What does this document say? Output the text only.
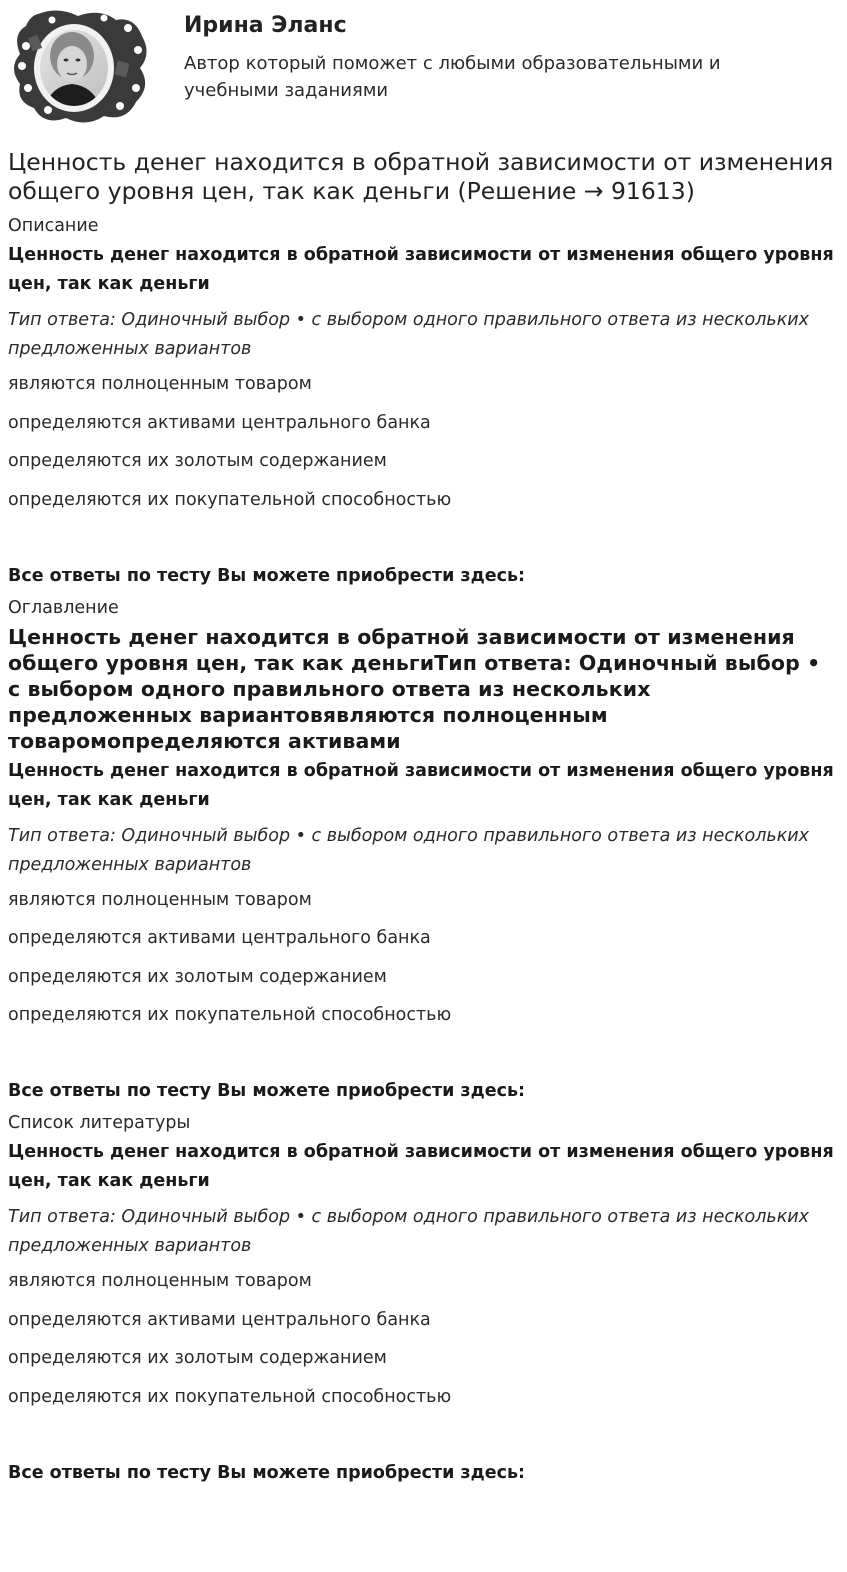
Ирина Эланс
Автор который поможет с любыми образовательными и учебными заданиями
Ценность денег находится в обратной зависимости от изменения общего уровня цен, так как деньги (Решение → 91613)
Описание
Ценность денег находится в обратной зависимости от изменения общего уровня цен, так как деньги
Тип ответа: Одиночный выбор • с выбором одного правильного ответа из нескольких предложенных вариантов
являются полноценным товаром
определяются активами центрального банка
определяются их золотым содержанием
определяются их покупательной способностью
Все ответы по тесту Вы можете приобрести здесь:
Оглавление
Ценность денег находится в обратной зависимости от изменения общего уровня цен, так как деньгиТип ответа: Одиночный выбор • с выбором одного правильного ответа из нескольких предложенных вариантовявляются полноценным товаромопределяются активами
Ценность денег находится в обратной зависимости от изменения общего уровня цен, так как деньги
Тип ответа: Одиночный выбор • с выбором одного правильного ответа из нескольких предложенных вариантов
являются полноценным товаром
определяются активами центрального банка
определяются их золотым содержанием
определяются их покупательной способностью
Все ответы по тесту Вы можете приобрести здесь:
Список литературы
Ценность денег находится в обратной зависимости от изменения общего уровня цен, так как деньги
Тип ответа: Одиночный выбор • с выбором одного правильного ответа из нескольких предложенных вариантов
являются полноценным товаром
определяются активами центрального банка
определяются их золотым содержанием
определяются их покупательной способностью
Все ответы по тесту Вы можете приобрести здесь:
